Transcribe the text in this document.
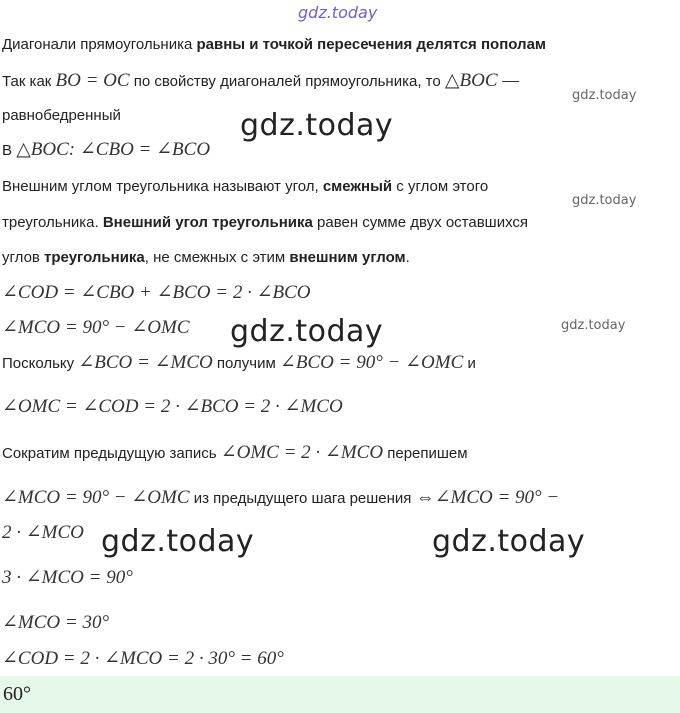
gdz.today
Диагонали прямоугольника равны и точкой пересечения делятся пополам
Так как BO = OC по свойству диагоналей прямоугольника, то △BOC —
gdz.today
равнобедренный
В △BOC: ∠CBO = ∠BCO
gdz.today
Внешним углом треугольника называют угол, смежный с углом этого
gdz.today
треугольника. Внешний угол треугольника равен сумме двух оставшихся
углов треугольника, не смежных с этим внешним углом.
∠COD = ∠CBO + ∠BCO = 2 · ∠BCO
∠MCO = 90° − ∠OMC gdz.today	gdz.today
Поскольку ∠BCO = ∠MCO получим ∠BCO = 90° − ∠OMC и
∠OMC = ∠COD = 2 · ∠BCO = 2 · ∠MCO
Сократим предыдущую запись ∠OMC = 2 · ∠MCO перепишем
∠MCO = 90° − ∠OMC из предыдущего шага решения ⇔∠MCO = 90° −
2 · ∠MCO gdz.today	gdz.today
3 · ∠MCO = 90°
∠MCO = 30°
∠COD = 2 · ∠MCO = 2 · 30° = 60°
60°
